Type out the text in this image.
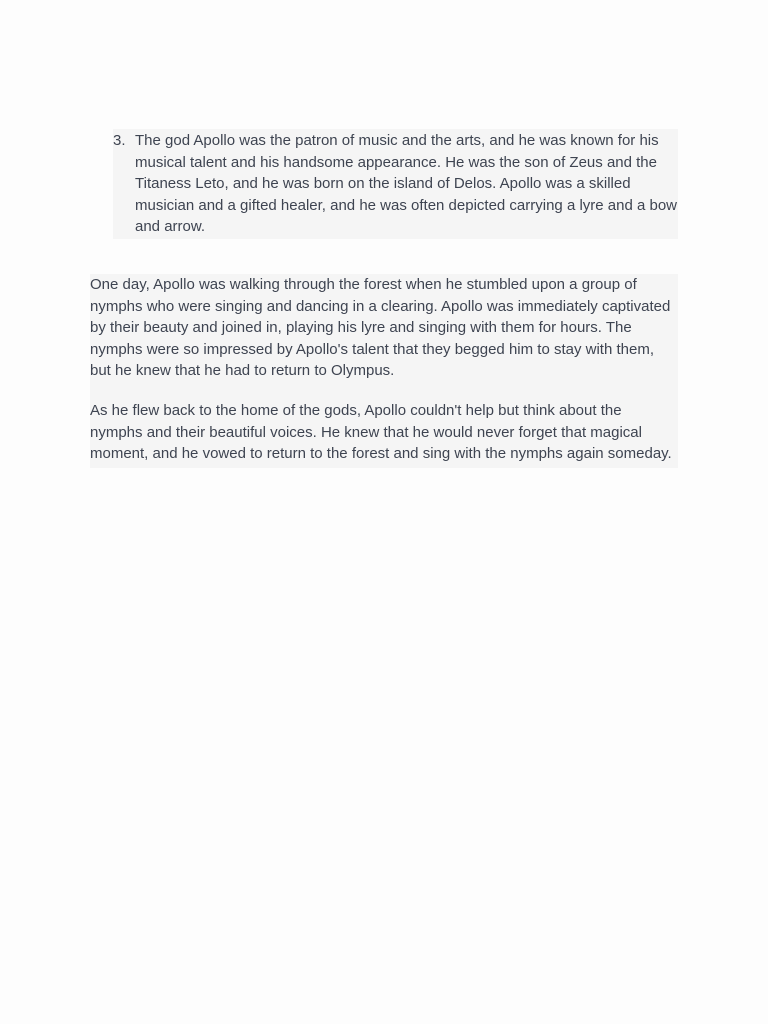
3. The god Apollo was the patron of music and the arts, and he was known for his musical talent and his handsome appearance. He was the son of Zeus and the Titaness Leto, and he was born on the island of Delos. Apollo was a skilled musician and a gifted healer, and he was often depicted carrying a lyre and a bow and arrow.

One day, Apollo was walking through the forest when he stumbled upon a group of nymphs who were singing and dancing in a clearing. Apollo was immediately captivated by their beauty and joined in, playing his lyre and singing with them for hours. The nymphs were so impressed by Apollo's talent that they begged him to stay with them, but he knew that he had to return to Olympus.

As he flew back to the home of the gods, Apollo couldn't help but think about the nymphs and their beautiful voices. He knew that he would never forget that magical moment, and he vowed to return to the forest and sing with the nymphs again someday.
